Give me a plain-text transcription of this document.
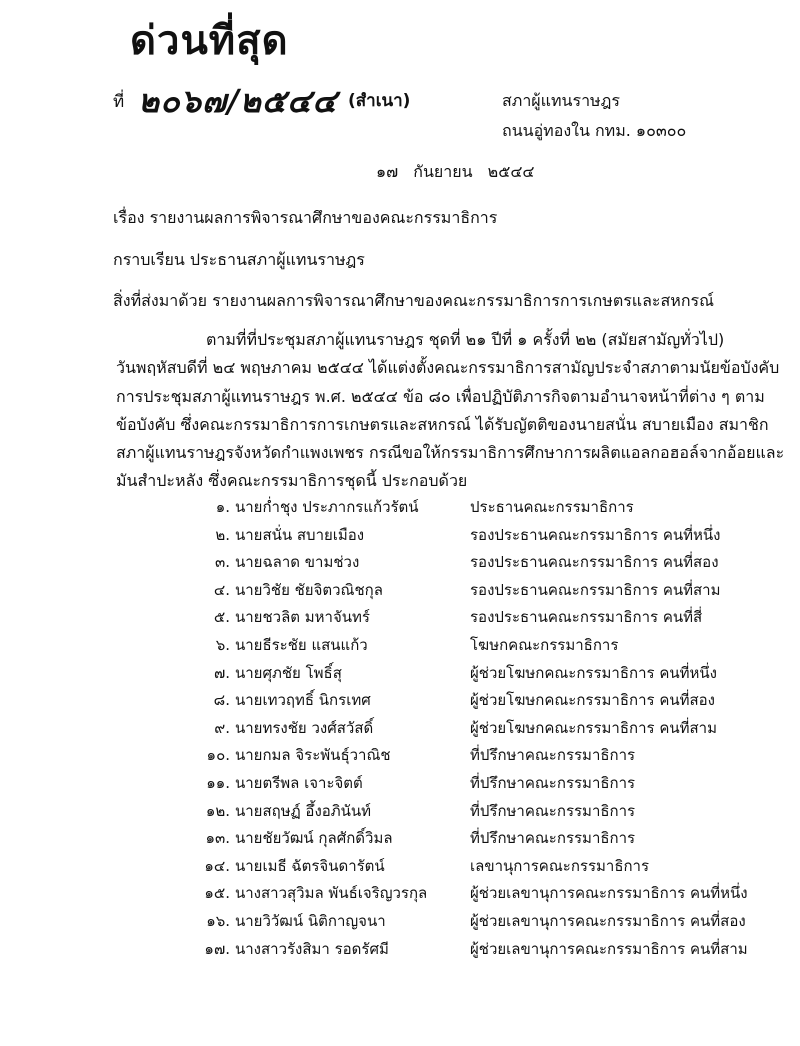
ด่วนที่สุด
ที่ ๒๐๖๗/๒๕๔๔ (สำเนา)	สภาผู้แทนราษฎร
ถนนอู่ทองใน กทม. ๑๐๓๐๐
๑๗ กันยายน ๒๕๔๔
เรื่อง รายงานผลการพิจารณาศึกษาของคณะกรรมาธิการ
กราบเรียน ประธานสภาผู้แทนราษฎร
สิ่งที่ส่งมาด้วย รายงานผลการพิจารณาศึกษาของคณะกรรมาธิการการเกษตรและสหกรณ์
ตามที่ที่ประชุมสภาผู้แทนราษฎร ชุดที่ ๒๑ ปีที่ ๑ ครั้งที่ ๒๒ (สมัยสามัญทั่วไป)
วันพฤหัสบดีที่ ๒๔ พฤษภาคม ๒๕๔๔ ได้แต่งตั้งคณะกรรมาธิการสามัญประจำสภาตามนัยข้อบังคับ
การประชุมสภาผู้แทนราษฎร พ.ศ. ๒๕๔๔ ข้อ ๘๐ เพื่อปฏิบัติภารกิจตามอำนาจหน้าที่ต่าง ๆ ตาม
ข้อบังคับ ซึ่งคณะกรรมาธิการการเกษตรและสหกรณ์ ได้รับญัตติของนายสนั่น สบายเมือง สมาชิก
สภาผู้แทนราษฎรจังหวัดกำแพงเพชร กรณีขอให้กรรมาธิการศึกษาการผลิตแอลกอฮอล์จากอ้อยและ
มันสำปะหลัง ซึ่งคณะกรรมาธิการชุดนี้ ประกอบด้วย
๑. นายก่ำชุง ประภากรแก้วรัตน์	ประธานคณะกรรมาธิการ
๒. นายสนั่น สบายเมือง	รองประธานคณะกรรมาธิการ คนที่หนึ่ง
๓. นายฉลาด ขามช่วง	รองประธานคณะกรรมาธิการ คนที่สอง
๔. นายวิชัย ชัยจิตวณิชกุล	รองประธานคณะกรรมาธิการ คนที่สาม
๕. นายชวลิต มหาจันทร์	รองประธานคณะกรรมาธิการ คนที่สี่
๖. นายธีระชัย แสนแก้ว	โฆษกคณะกรรมาธิการ
๗. นายศุภชัย โพธิ์สุ	ผู้ช่วยโฆษกคณะกรรมาธิการ คนที่หนึ่ง
๘. นายเทวฤทธิ์ นิกรเทศ	ผู้ช่วยโฆษกคณะกรรมาธิการ คนที่สอง
๙. นายทรงชัย วงศ์สวัสดิ์	ผู้ช่วยโฆษกคณะกรรมาธิการ คนที่สาม
๑๐. นายกมล จิระพันธุ์วาณิช	ที่ปรึกษาคณะกรรมาธิการ
๑๑. นายตรีพล เจาะจิตต์	ที่ปรึกษาคณะกรรมาธิการ
๑๒. นายสฤษฏ์ อึ้งอภินันท์	ที่ปรึกษาคณะกรรมาธิการ
๑๓. นายชัยวัฒน์ กุลศักดิ์วิมล	ที่ปรึกษาคณะกรรมาธิการ
๑๔. นายเมธี ฉัตรจินดารัตน์	เลขานุการคณะกรรมาธิการ
๑๕. นางสาวสุวิมล พันธ์เจริญวรกุล	ผู้ช่วยเลขานุการคณะกรรมาธิการ คนที่หนึ่ง
๑๖. นายวิวัฒน์ นิติกาญจนา	ผู้ช่วยเลขานุการคณะกรรมาธิการ คนที่สอง
๑๗. นางสาวรังสิมา รอดรัศมี	ผู้ช่วยเลขานุการคณะกรรมาธิการ คนที่สาม
